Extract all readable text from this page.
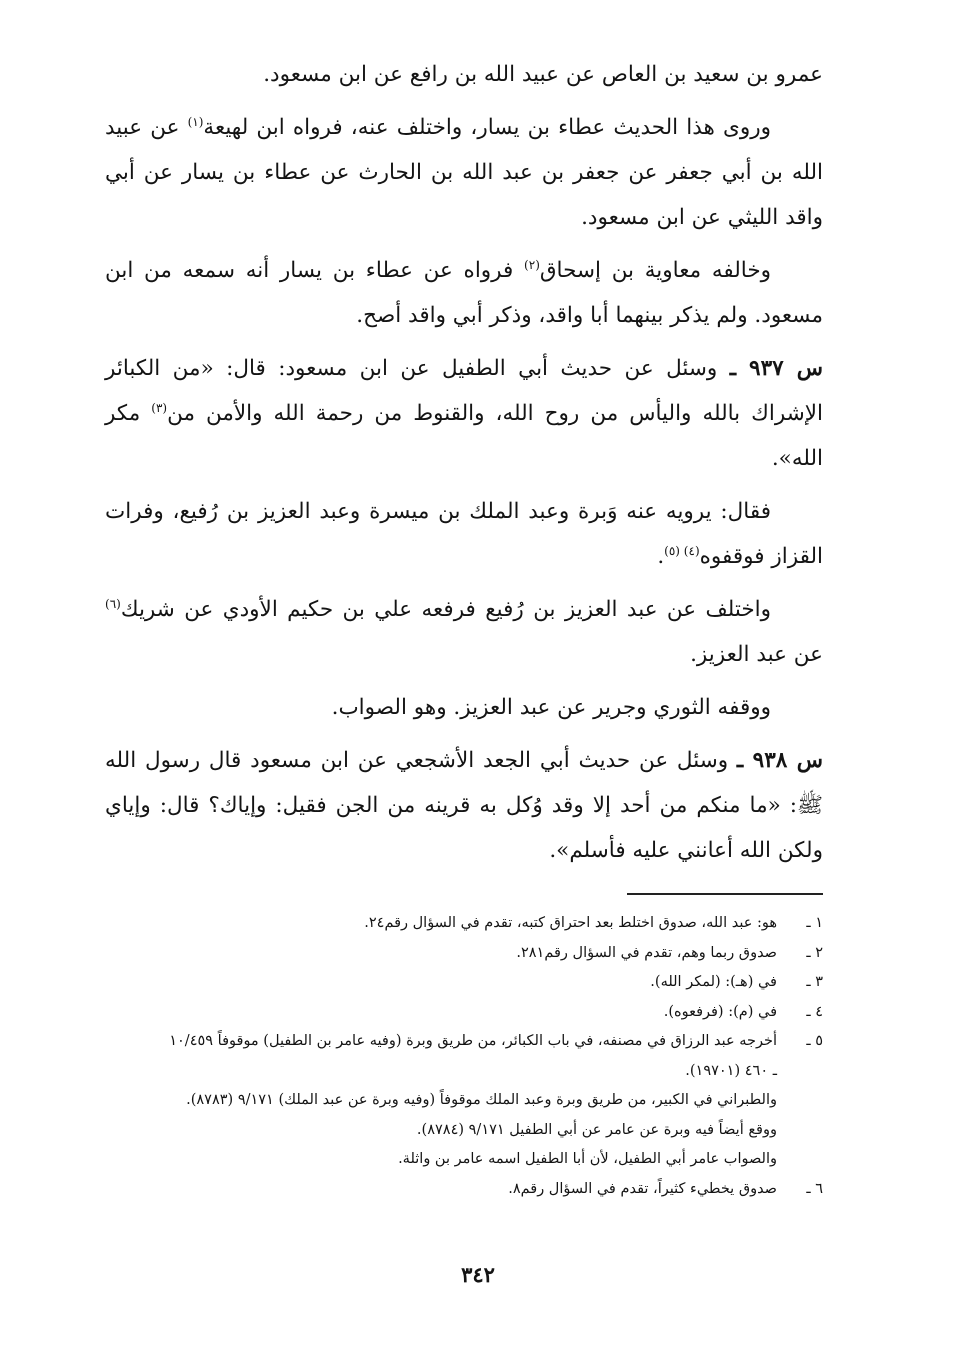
عمرو بن سعيد بن العاص عن عبيد الله بن رافع عن ابن مسعود.

وروى هذا الحديث عطاء بن يسار، واختلف عنه، فرواه ابن لهيعة$^{(١)}$ عن عبيد الله بن أبي جعفر عن جعفر بن عبد الله بن الحارث عن عطاء بن يسار عن أبي واقد الليثي عن ابن مسعود.

وخالفه معاوية بن إسحاق$^{(٢)}$ فرواه عن عطاء بن يسار أنه سمعه من ابن مسعود. ولم يذكر بينهما أبا واقد، وذكر أبي واقد أصح.

س ٩٣٧ ـ وسئل عن حديث أبي الطفيل عن ابن مسعود: قال: «من الكبائر الإشراك بالله واليأس من روح الله، والقنوط من رحمة الله والأمن من$^{(٣)}$ مكر الله».

فقال: يرويه عنه وَبرة وعبد الملك بن ميسرة وعبد العزيز بن رُفيع، وفرات القزاز فوقفوه$^{(٤) (٥)}$.

واختلف عن عبد العزيز بن رُفيع فرفعه علي بن حكيم الأودي عن شريك$^{(٦)}$ عن عبد العزيز.

ووقفه الثوري وجرير عن عبد العزيز. وهو الصواب.

س ٩٣٨ ـ وسئل عن حديث أبي الجعد الأشجعي عن ابن مسعود قال رسول الله ﷺ: «ما منكم من أحد إلا وقد وُكل به قرينه من الجن فقيل: وإياك؟ قال: وإياي ولكن الله أعانني عليه فأسلم».

١ ـ
هو: عبد الله، صدوق اختلط بعد احتراق كتبه، تقدم في السؤال رقم٢٤.
٢ ـ
صدوق ربما وهم، تقدم في السؤال رقم٢٨١.
٣ ـ
في (هـ): (لمكر الله).
٤ ـ
في (م): (فرفعوه).
٥ ـ
أخرجه عبد الرزاق في مصنفه، في باب الكبائر، من طريق وبرة (وفيه عامر بن الطفيل) موقوفاً ١٠/٤٥٩
ـ ٤٦٠ (١٩٧٠١).
والطبراني في الكبير، من طريق وبرة وعبد الملك موقوفاً (وفيه وبرة عن عبد الملك) ٩/١٧١ (٨٧٨٣).
ووقع أيضاً فيه وبرة عن عامر عن أبي الطفيل ٩/١٧١ (٨٧٨٤).
والصواب عامر أبي الطفيل، لأن أبا الطفيل اسمه عامر بن واثلة.
٦ ـ
صدوق يخطيء كثيراً، تقدم في السؤال رقم٨.
٣٤٢
